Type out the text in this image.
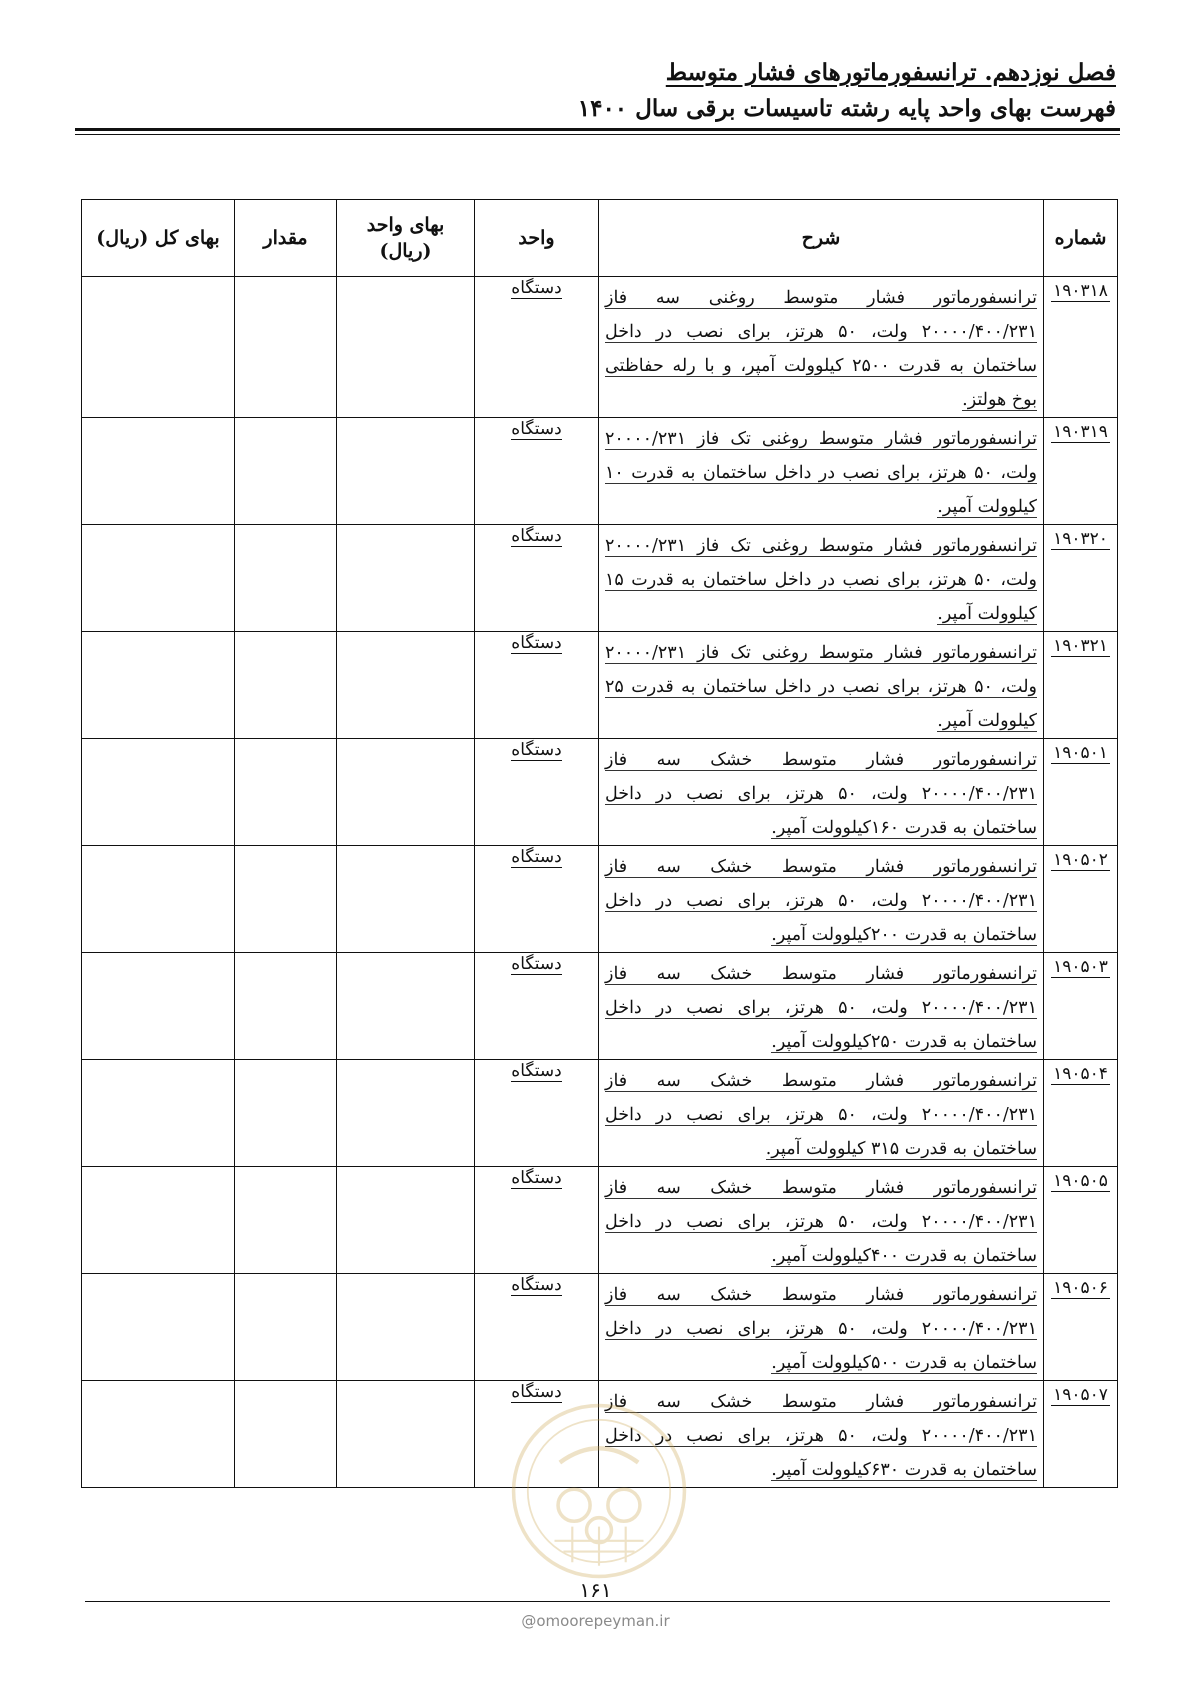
فصل نوزدهم. ترانسفورماتورهای فشار متوسط
فهرست بهای واحد پایه رشته تاسیسات برقی سال ۱۴۰۰
شماره	شرح	واحد	بهای واحد (ریال)	مقدار	بهای کل (ریال)
۱۹۰۳۱۸	ترانسفورماتور فشار متوسط روغنی سه فاز ۲۰۰۰۰/۴۰۰/۲۳۱ ولت، ۵۰ هرتز، برای نصب در داخل ساختمان به قدرت ۲۵۰۰ کیلوولت آمپر، و با رله حفاظتی بوخ هولتز.	دستگاه			
۱۹۰۳۱۹	ترانسفورماتور فشار متوسط روغنی تک فاز ۲۰۰۰۰/۲۳۱ ولت، ۵۰ هرتز، برای نصب در داخل ساختمان به قدرت ۱۰ کیلوولت آمپر.	دستگاه			
۱۹۰۳۲۰	ترانسفورماتور فشار متوسط روغنی تک فاز ۲۰۰۰۰/۲۳۱ ولت، ۵۰ هرتز، برای نصب در داخل ساختمان به قدرت ۱۵ کیلوولت آمپر.	دستگاه			
۱۹۰۳۲۱	ترانسفورماتور فشار متوسط روغنی تک فاز ۲۰۰۰۰/۲۳۱ ولت، ۵۰ هرتز، برای نصب در داخل ساختمان به قدرت ۲۵ کیلوولت آمپر.	دستگاه			
۱۹۰۵۰۱	ترانسفورماتور فشار متوسط خشک سه فاز ۲۰۰۰۰/۴۰۰/۲۳۱ ولت، ۵۰ هرتز، برای نصب در داخل ساختمان به قدرت ۱۶۰کیلوولت آمپر.	دستگاه			
۱۹۰۵۰۲	ترانسفورماتور فشار متوسط خشک سه فاز ۲۰۰۰۰/۴۰۰/۲۳۱ ولت، ۵۰ هرتز، برای نصب در داخل ساختمان به قدرت ۲۰۰کیلوولت آمپر.	دستگاه			
۱۹۰۵۰۳	ترانسفورماتور فشار متوسط خشک سه فاز ۲۰۰۰۰/۴۰۰/۲۳۱ ولت، ۵۰ هرتز، برای نصب در داخل ساختمان به قدرت ۲۵۰کیلوولت آمپر.	دستگاه			
۱۹۰۵۰۴	ترانسفورماتور فشار متوسط خشک سه فاز ۲۰۰۰۰/۴۰۰/۲۳۱ ولت، ۵۰ هرتز، برای نصب در داخل ساختمان به قدرت ۳۱۵ کیلوولت آمپر.	دستگاه			
۱۹۰۵۰۵	ترانسفورماتور فشار متوسط خشک سه فاز ۲۰۰۰۰/۴۰۰/۲۳۱ ولت، ۵۰ هرتز، برای نصب در داخل ساختمان به قدرت ۴۰۰کیلوولت آمپر.	دستگاه			
۱۹۰۵۰۶	ترانسفورماتور فشار متوسط خشک سه فاز ۲۰۰۰۰/۴۰۰/۲۳۱ ولت، ۵۰ هرتز، برای نصب در داخل ساختمان به قدرت ۵۰۰کیلوولت آمپر.	دستگاه			
۱۹۰۵۰۷	ترانسفورماتور فشار متوسط خشک سه فاز ۲۰۰۰۰/۴۰۰/۲۳۱ ولت، ۵۰ هرتز، برای نصب در داخل ساختمان به قدرت ۶۳۰کیلوولت آمپر.	دستگاه			
۱۶۱
@omoorepeyman.ir
